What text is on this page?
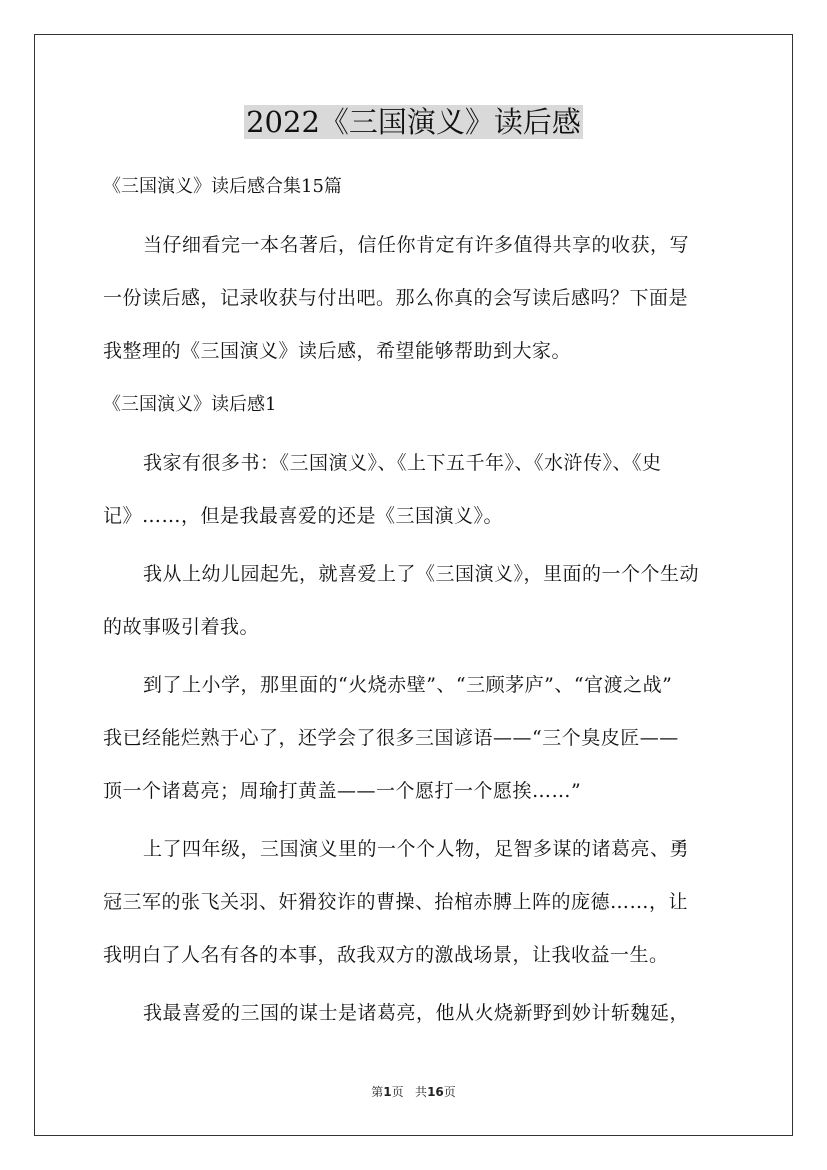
2022《三国演义》读后感
《三国演义》读后感合集15篇
当仔细看完一本名著后，信任你肯定有许多值得共享的收获，写
一份读后感，记录收获与付出吧。那么你真的会写读后感吗？下面是
我整理的《三国演义》读后感，希望能够帮助到大家。
《三国演义》读后感1
我家有很多书：《三国演义》、《上下五千年》、《水浒传》、《史
记》……，但是我最喜爱的还是《三国演义》。
我从上幼儿园起先，就喜爱上了《三国演义》，里面的一个个生动
的故事吸引着我。
到了上小学，那里面的“火烧赤壁”、“三顾茅庐”、“官渡之战”
我已经能烂熟于心了，还学会了很多三国谚语——“三个臭皮匠——
顶一个诸葛亮；周瑜打黄盖——一个愿打一个愿挨……”
上了四年级，三国演义里的一个个人物，足智多谋的诸葛亮、勇
冠三军的张飞关羽、奸猾狡诈的曹操、抬棺赤膊上阵的庞德……，让
我明白了人名有各的本事，敌我双方的激战场景，让我收益一生。
我最喜爱的三国的谋士是诸葛亮，他从火烧新野到妙计斩魏延，
第1页 共16页
